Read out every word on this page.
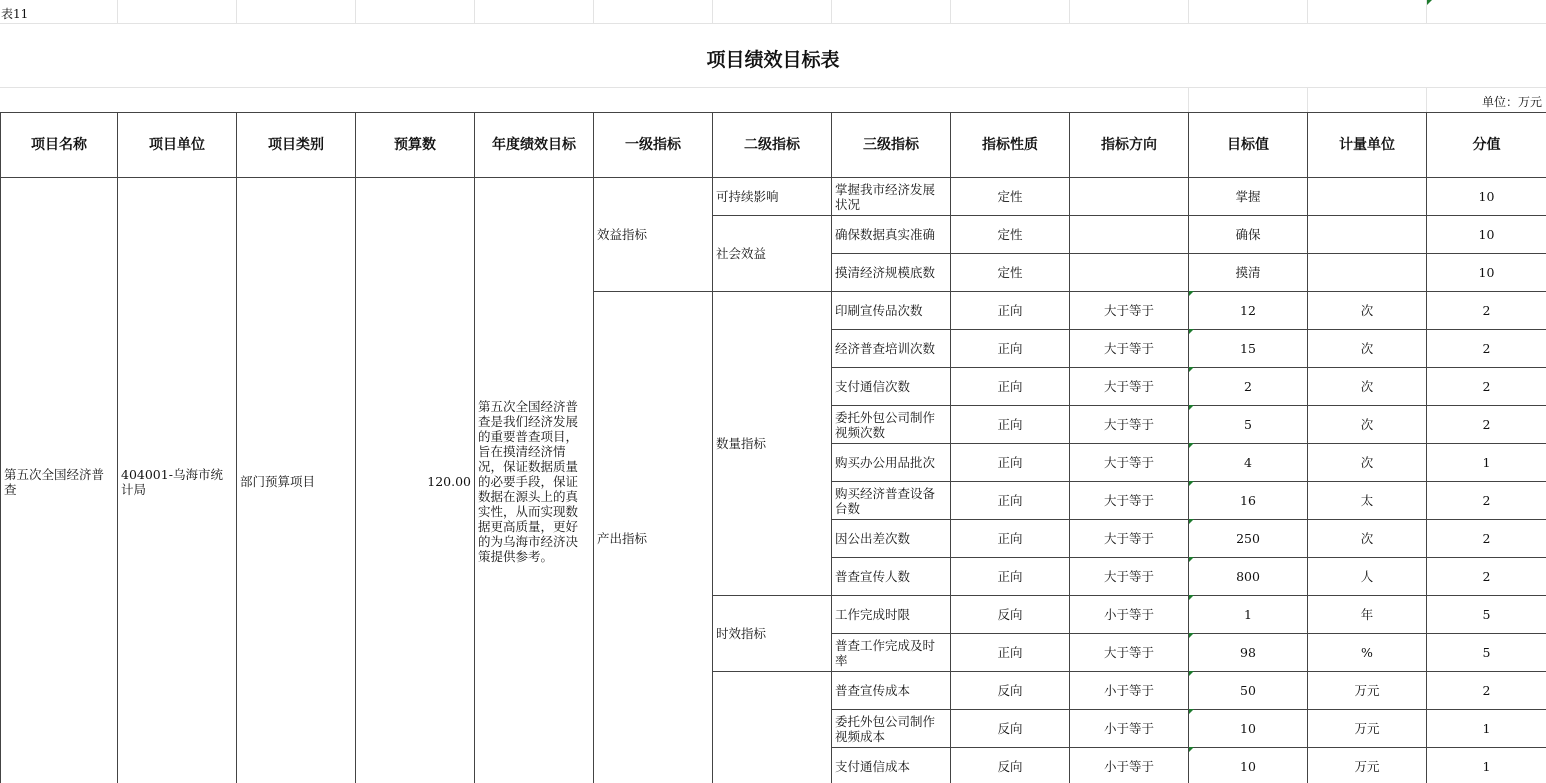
表11
项目绩效目标表
单位：万元
项目名称	项目单位	项目类别	预算数	年度绩效目标	一级指标	二级指标	三级指标	指标性质	指标方向	目标值	计量单位	分值
第五次全国经济普查	404001-乌海市统计局	部门预算项目	120.00	第五次全国经济普查是我们经济发展的重要普查项目，旨在摸清经济情况，保证数据质量的必要手段，保证数据在源头上的真实性，从而实现数据更高质量，更好的为乌海市经济决策提供参考。	效益指标	可持续影响	掌握我市经济发展状况	定性		掌握		10
						社会效益	确保数据真实准确	定性		确保		10
							摸清经济规模底数	定性		摸清		10
					产出指标	数量指标	印刷宣传品次数	正向	大于等于	12	次	2
							经济普查培训次数	正向	大于等于	15	次	2
							支付通信次数	正向	大于等于	2	次	2
							委托外包公司制作视频次数	正向	大于等于	5	次	2
							购买办公用品批次	正向	大于等于	4	次	1
							购买经济普查设备台数	正向	大于等于	16	太	2
							因公出差次数	正向	大于等于	250	次	2
							普查宣传人数	正向	大于等于	800	人	2
						时效指标	工作完成时限	反向	小于等于	1	年	5
							普查工作完成及时率	正向	大于等于	98	%	5
							普查宣传成本	反向	小于等于	50	万元	2
							委托外包公司制作视频成本	反向	小于等于	10	万元	1
							支付通信成本	反向	小于等于	10	万元	1
